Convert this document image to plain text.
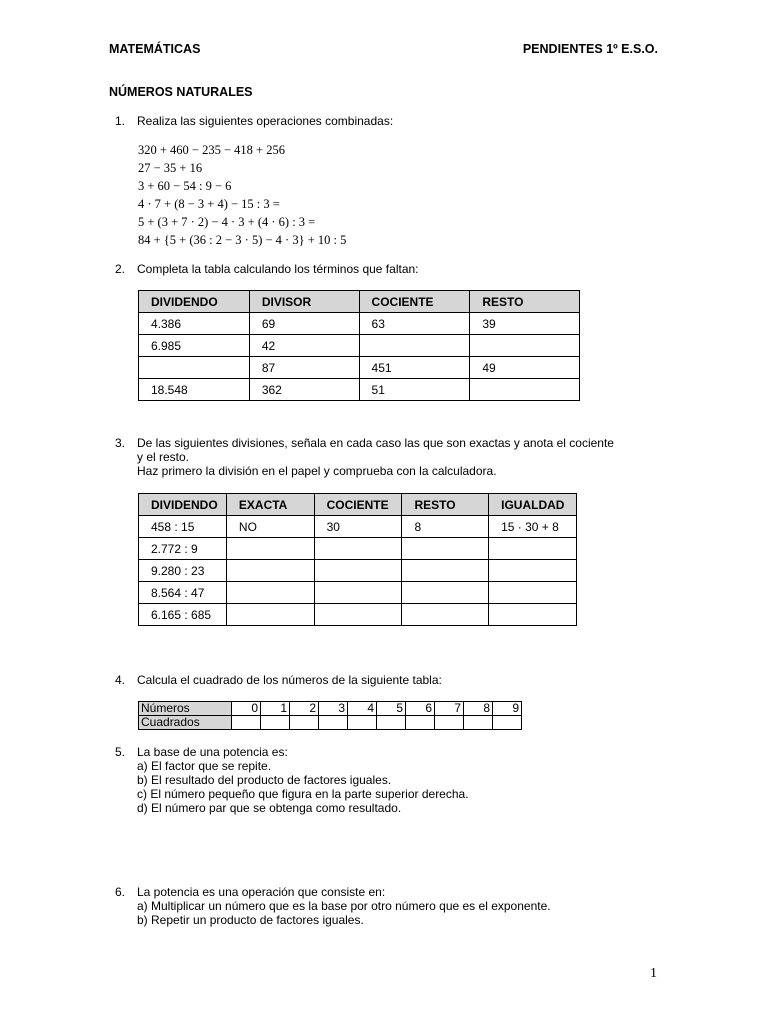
MATEMÁTICAS	PENDIENTES 1º E.S.O.
NÚMEROS NATURALES
1. Realiza las siguientes operaciones combinadas:
320 + 460 − 235 − 418 + 256
27 − 35 + 16
3 + 60 − 54 : 9 − 6
4 · 7 + (8 − 3 + 4) − 15 : 3 =
5 + (3 + 7 · 2) − 4 · 3 + (4 · 6) : 3 =
84 + {5 + (36 : 2 − 3 · 5) − 4 · 3} + 10 : 5
2. Completa la tabla calculando los términos que faltan:
DIVIDENDO	DIVISOR	COCIENTE	RESTO
4.386	69	63	39
6.985	42		
	87	451	49
18.548	362	51	
3. De las siguientes divisiones, señala en cada caso las que son exactas y anota el cociente
y el resto.
Haz primero la división en el papel y comprueba con la calculadora.
DIVIDENDO	EXACTA	COCIENTE	RESTO	IGUALDAD
458 : 15	NO	30	8	15 · 30 + 8
2.772 : 9				
9.280 : 23				
8.564 : 47				
6.165 : 685				
4. Calcula el cuadrado de los números de la siguiente tabla:
Números	0	1	2	3	4	5	6	7	8	9
Cuadrados										
5. La base de una potencia es:
a) El factor que se repite.
b) El resultado del producto de factores iguales.
c) El número pequeño que figura en la parte superior derecha.
d) El número par que se obtenga como resultado.
6. La potencia es una operación que consiste en:
a) Multiplicar un número que es la base por otro número que es el exponente.
b) Repetir un producto de factores iguales.
1
